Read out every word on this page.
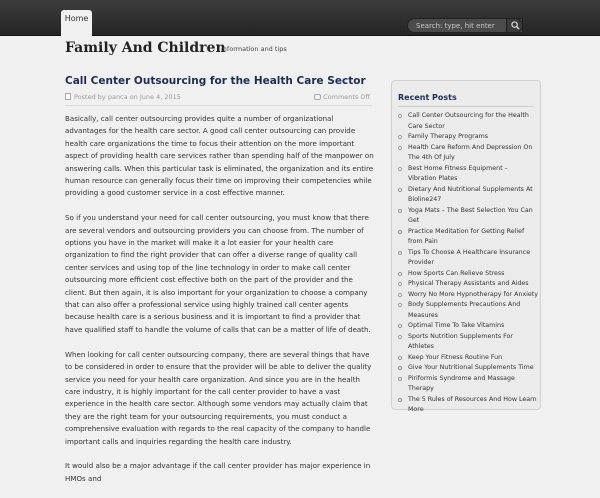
Home
Search: type, hit enter
Family And Children
information and tips
Call Center Outsourcing for the Health Care Sector
Posted by panca on June 4, 2015	Comments Off

Basically, call center outsourcing provides quite a number of organizational advantages for the health care sector. A good call center outsourcing can provide health care organizations the time to focus their attention on the more important aspect of providing health care services rather than spending half of the manpower on answering calls. When this particular task is eliminated, the organization and its entire human resource can generally focus their time on improving their competencies while providing a good customer service in a cost effective manner.

So if you understand your need for call center outsourcing, you must know that there are several vendors and outsourcing providers you can choose from. The number of options you have in the market will make it a lot easier for your health care organization to find the right provider that can offer a diverse range of quality call center services and using top of the line technology in order to make call center outsourcing more efficient cost effective both on the part of the provider and the client. But then again, it is also important for your organization to choose a company that can also offer a professional service using highly trained call center agents because health care is a serious business and it is important to find a provider that have qualified staff to handle the volume of calls that can be a matter of life of death.

When looking for call center outsourcing company, there are several things that have to be considered in order to ensure that the provider will be able to deliver the quality service you need for your health care organization. And since you are in the health care industry, it is highly important for the call center provider to have a vast experience in the health care sector. Although some vendors may actually claim that they are the right team for your outsourcing requirements, you must conduct a comprehensive evaluation with regards to the real capacity of the company to handle important calls and inquiries regarding the health care industry.

It would also be a major advantage if the call center provider has major experience in HMOs and

Recent Posts
Call Center Outsourcing for the Health Care Sector
Family Therapy Programs
Health Care Reform And Depression On The 4th Of July
Best Home Fitness Equipment – Vibration Plates
Dietary And Nutritional Supplements At Bioline247
Yoga Mats – The Best Selection You Can Get
Practice Meditation for Getting Relief from Pain
Tips To Choose A Healthcare Insurance Provider
How Sports Can Relieve Stress
Physical Therapy Assistants and Aides
Worry No More Hypnotherapy for Anxiety
Body Supplements Precautions And Measures
Optimal Time To Take Vitamins
Sports Nutrition Supplements For Athletes
Keep Your Fitness Routine Fun
Give Your Nutritional Supplements Time
Piriformis Syndrome and Massage Therapy
The 5 Rules of Resources And How Learn More
